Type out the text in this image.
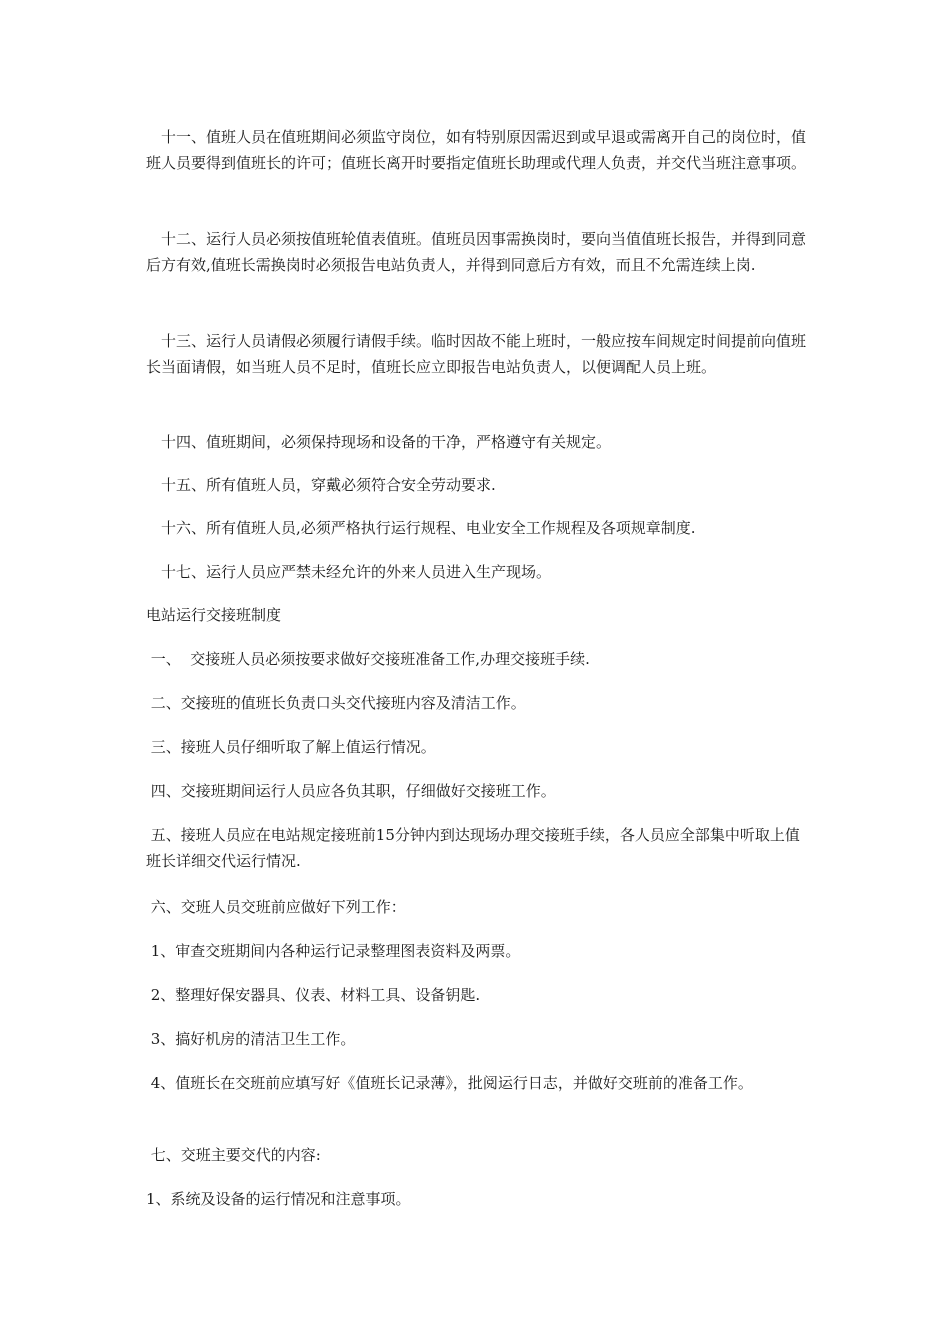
　十一、值班人员在值班期间必须监守岗位，如有特别原因需迟到或早退或需离开自己的岗位时，值班人员要得到值班长的许可；值班长离开时要指定值班长助理或代理人负责，并交代当班注意事项。

　十二、运行人员必须按值班轮值表值班。值班员因事需换岗时，要向当值值班长报告，并得到同意后方有效,值班长需换岗时必须报告电站负责人，并得到同意后方有效，而且不允需连续上岗.

　十三、运行人员请假必须履行请假手续。临时因故不能上班时，一般应按车间规定时间提前向值班长当面请假，如当班人员不足时，值班长应立即报告电站负责人，以便调配人员上班。

　十四、值班期间，必须保持现场和设备的干净，严格遵守有关规定。

　十五、所有值班人员，穿戴必须符合安全劳动要求.

　十六、所有值班人员,必须严格执行运行规程、电业安全工作规程及各项规章制度.

　十七、运行人员应严禁未经允许的外来人员进入生产现场。

电站运行交接班制度

一、  交接班人员必须按要求做好交接班准备工作,办理交接班手续.

二、交接班的值班长负责口头交代接班内容及清洁工作。

三、接班人员仔细听取了解上值运行情况。

四、交接班期间运行人员应各负其职，仔细做好交接班工作。

五、接班人员应在电站规定接班前15分钟内到达现场办理交接班手续，各人员应全部集中听取上值班长详细交代运行情况.

六、交班人员交班前应做好下列工作：

1、审查交班期间内各种运行记录整理图表资料及两票。

2、整理好保安器具、仪表、材料工具、设备钥匙.

3、搞好机房的清洁卫生工作。

4、值班长在交班前应填写好《值班长记录薄》，批阅运行日志，并做好交班前的准备工作。

七、交班主要交代的内容:

1、系统及设备的运行情况和注意事项。
